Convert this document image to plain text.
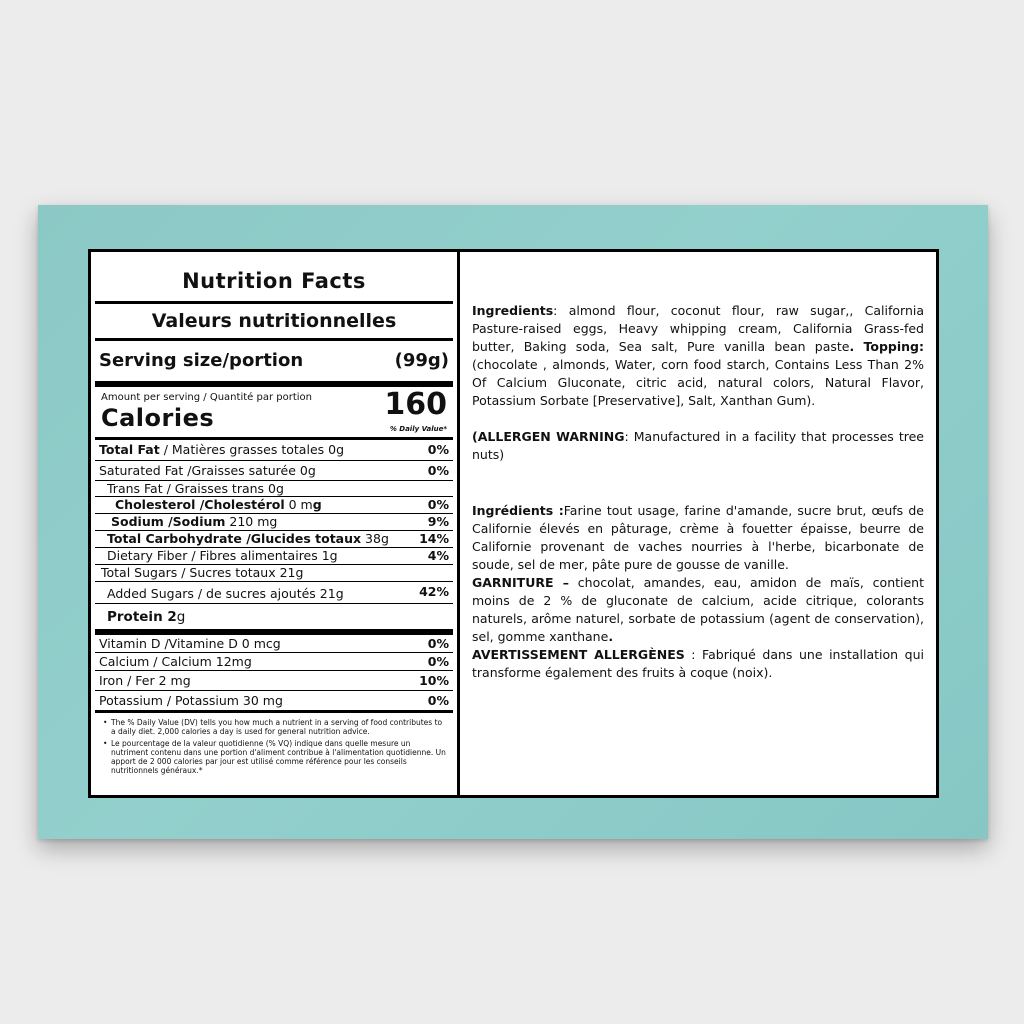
Nutrition Facts
Valeurs nutritionnelles
Serving size/portion	(99g)
Amount per serving / Quantité par portion
Calories	160
% Daily Value*
Total Fat / Matières grasses totales 0g	0%
Saturated Fat /Graisses saturée 0g	0%
Trans Fat / Graisses trans 0g
Cholesterol /Cholestérol 0 mg	0%
Sodium /Sodium 210 mg	9%
Total Carbohydrate /Glucides totaux 38g 14%
Dietary Fiber / Fibres alimentaires 1g	4%
Total Sugars / Sucres totaux 21g
Added Sugars / de sucres ajoutés 21g	42%
Protein 2g
Vitamin D /Vitamine D 0 mcg	0%
Calcium / Calcium 12mg	0%
Iron / Fer 2 mg	10%
Potassium / Potassium 30 mg	0%

• The % Daily Value (DV) tells you how much a nutrient in a serving of food contributes to a daily diet. 2,000 calories a day is used for general nutrition advice.

• Le pourcentage de la valeur quotidienne (% VQ) indique dans quelle mesure un nutriment contenu dans une portion d'aliment contribue à l'alimentation quotidienne. Un apport de 2 000 calories par jour est utilisé comme référence pour les conseils nutritionnels généraux.*

Ingredients: almond flour, coconut flour, raw sugar,, California Pasture-raised eggs, Heavy whipping cream, California Grass-fed butter, Baking soda, Sea salt, Pure vanilla bean paste. Topping: (chocolate , almonds, Water, corn food starch, Contains Less Than 2% Of Calcium Gluconate, citric acid, natural colors, Natural Flavor, Potassium Sorbate [Preservative], Salt, Xanthan Gum).

(ALLERGEN WARNING: Manufactured in a facility that processes tree nuts)

Ingrédients :Farine tout usage, farine d'amande, sucre brut, œufs de Californie élevés en pâturage, crème à fouetter épaisse, beurre de Californie provenant de vaches nourries à l'herbe, bicarbonate de soude, sel de mer, pâte pure de gousse de vanille.

GARNITURE – chocolat, amandes, eau, amidon de maïs, contient moins de 2 % de gluconate de calcium, acide citrique, colorants naturels, arôme naturel, sorbate de potassium (agent de conservation), sel, gomme xanthane.

AVERTISSEMENT ALLERGÈNES : Fabriqué dans une installation qui transforme également des fruits à coque (noix).
